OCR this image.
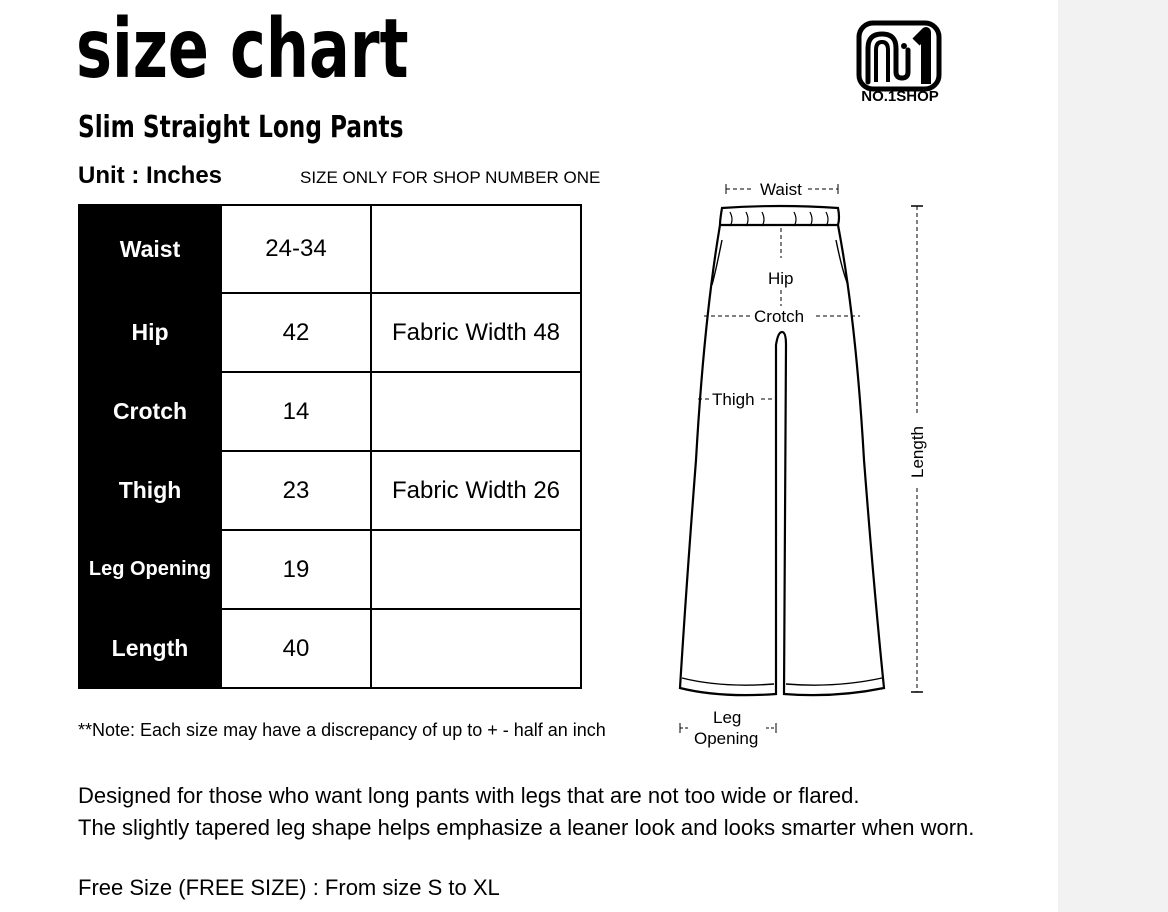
size chart
Slim Straight Long Pants
Unit : Inches	SIZE ONLY FOR SHOP NUMBER ONE
Waist	24-34	
Hip	42	Fabric Width 48
Crotch	14	
Thigh	23	Fabric Width 26
Leg Opening	19	
Length	40	
**Note: Each size may have a discrepancy of up to + - half an inch
Designed for those who want long pants with legs that are not too wide or flared.
The slightly tapered leg shape helps emphasize a leaner look and looks smarter when worn.
Free Size (FREE SIZE) : From size S to XL
NO.1SHOP
Waist
Hip
Crotch
Thigh
Length
Leg
Opening
